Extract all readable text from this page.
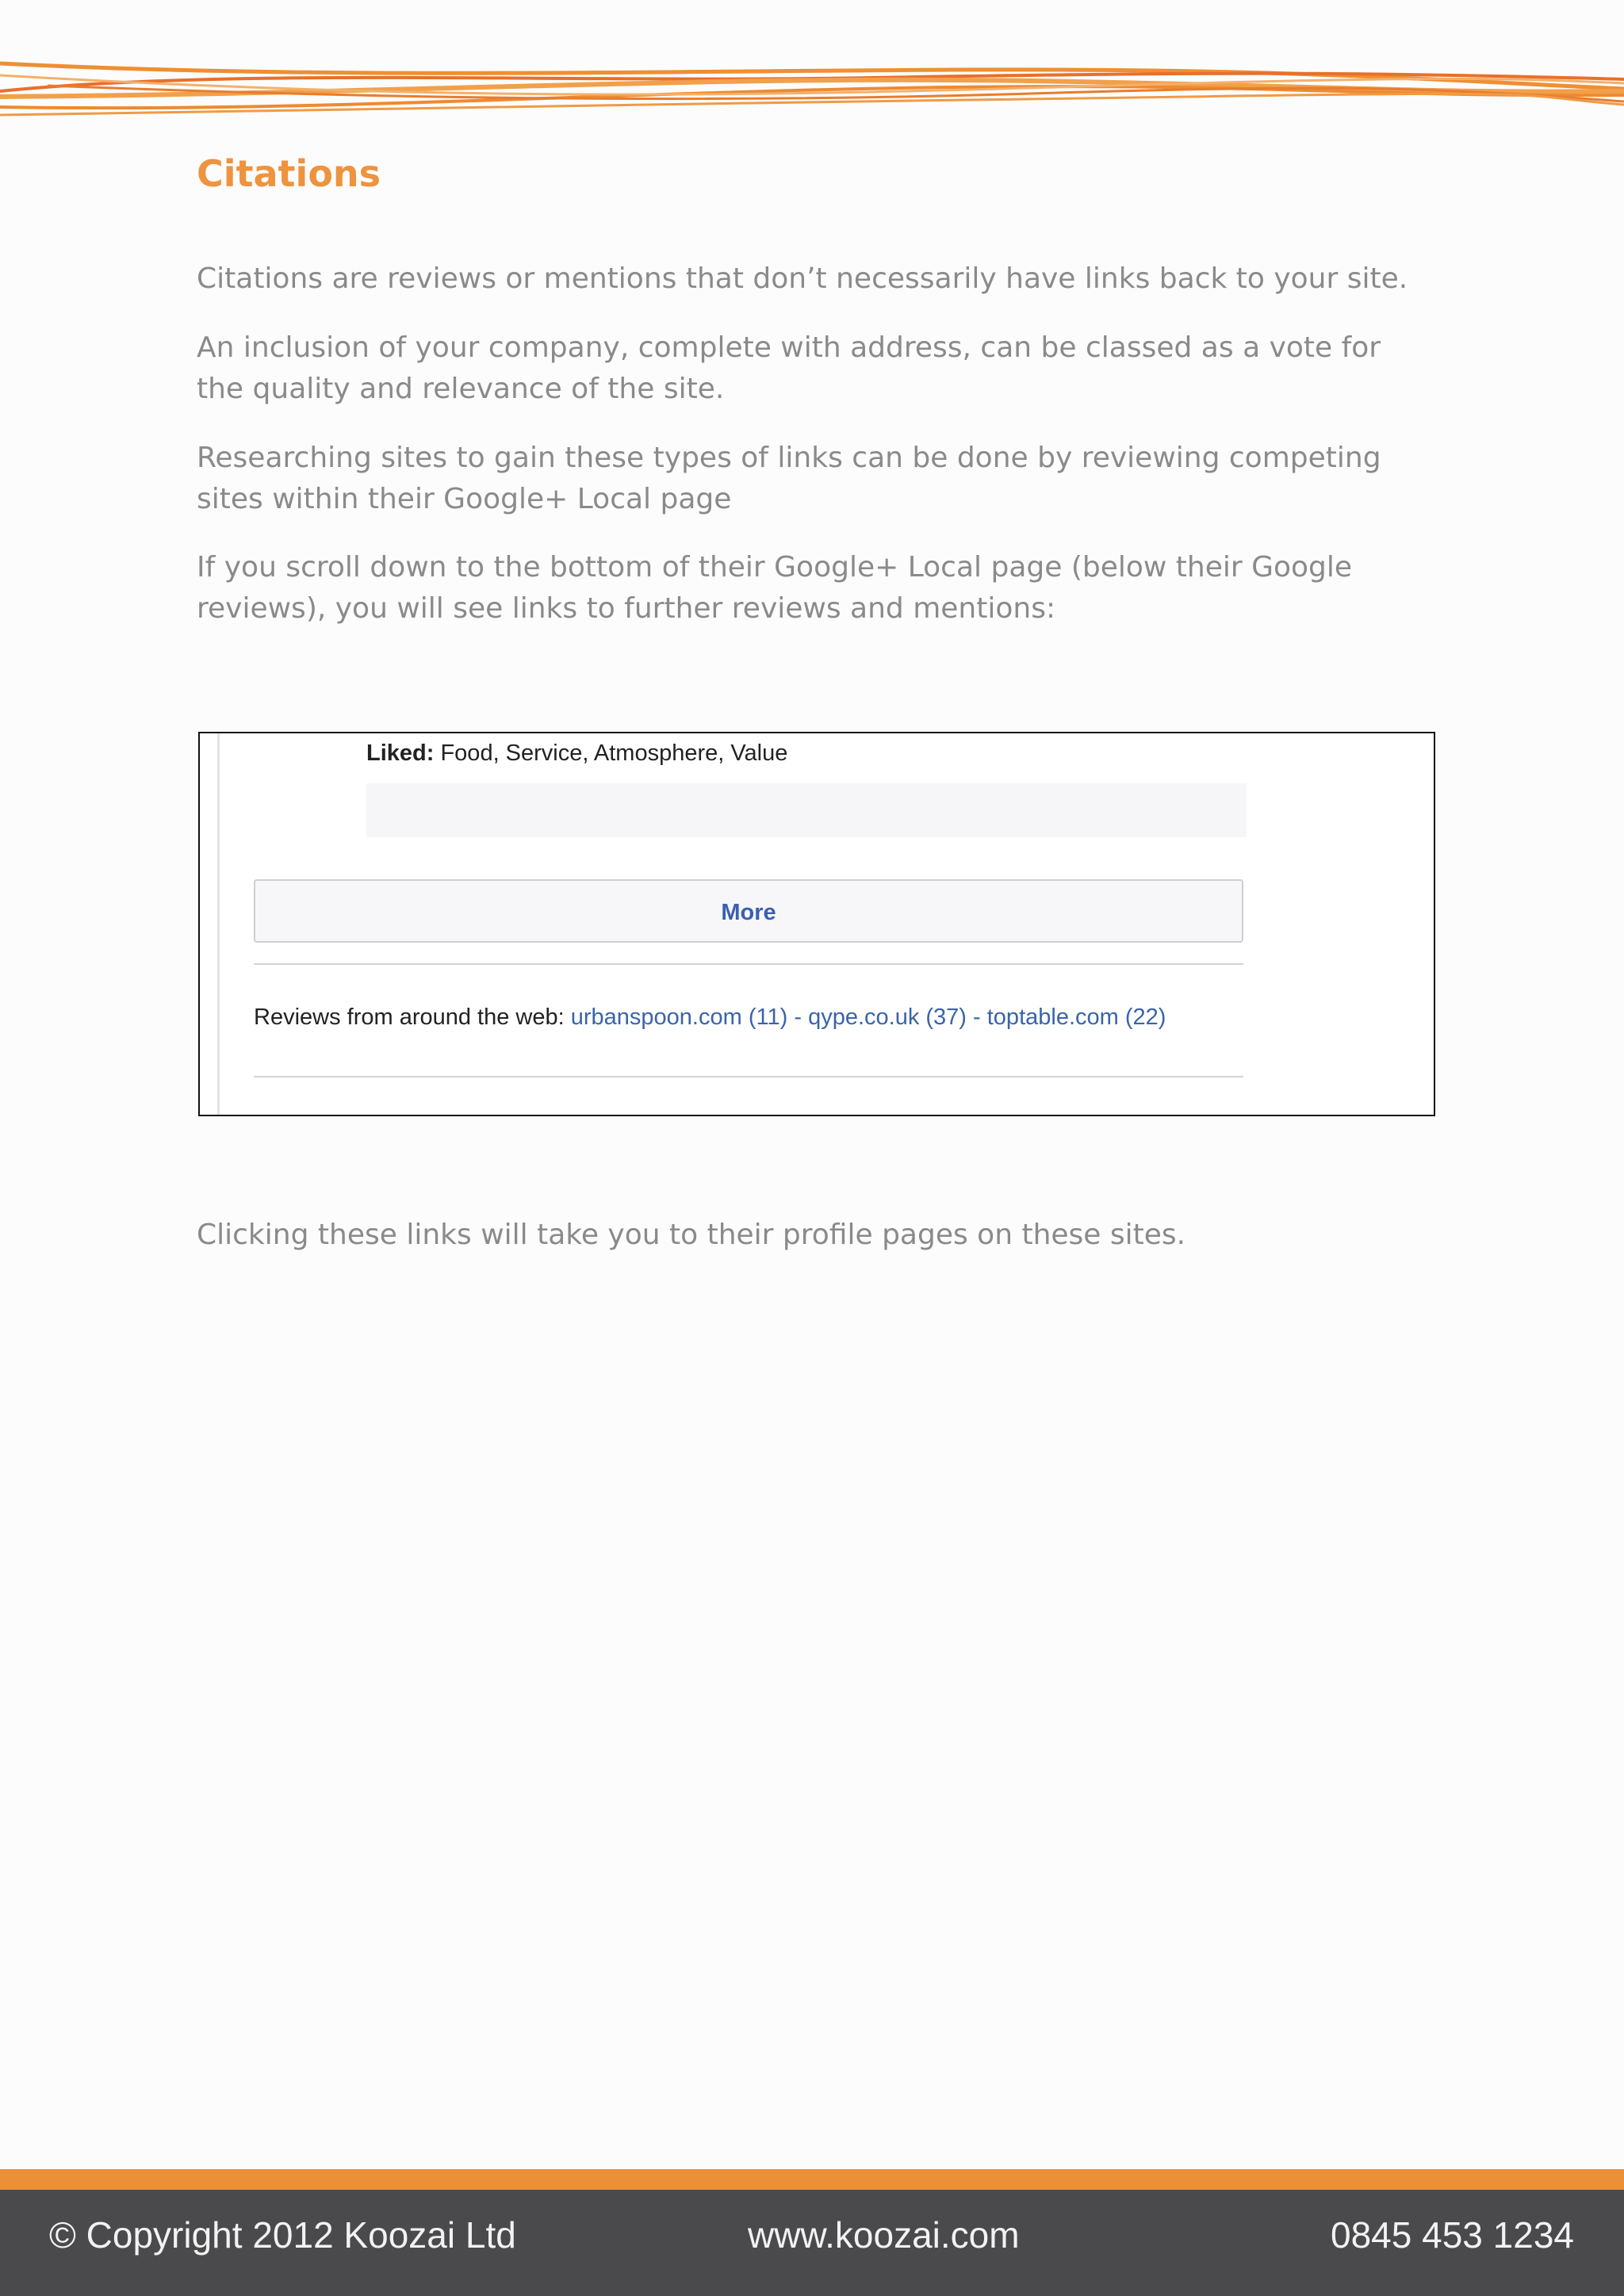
Citations

Citations are reviews or mentions that don’t necessarily have links back to your site.

An inclusion of your company, complete with address, can be classed as a vote for the quality and relevance of the site.

Researching sites to gain these types of links can be done by reviewing competing sites within their Google+ Local page

If you scroll down to the bottom of their Google+ Local page (below their Google reviews), you will see links to further reviews and mentions:

Liked: Food, Service, Atmosphere, Value
More
Reviews from around the web: urbanspoon.com (11) - qype.co.uk (37) - toptable.com (22)

Clicking these links will take you to their profile pages on these sites.

© Copyright 2012 Koozai Ltd	www.koozai.com	0845 453 1234
